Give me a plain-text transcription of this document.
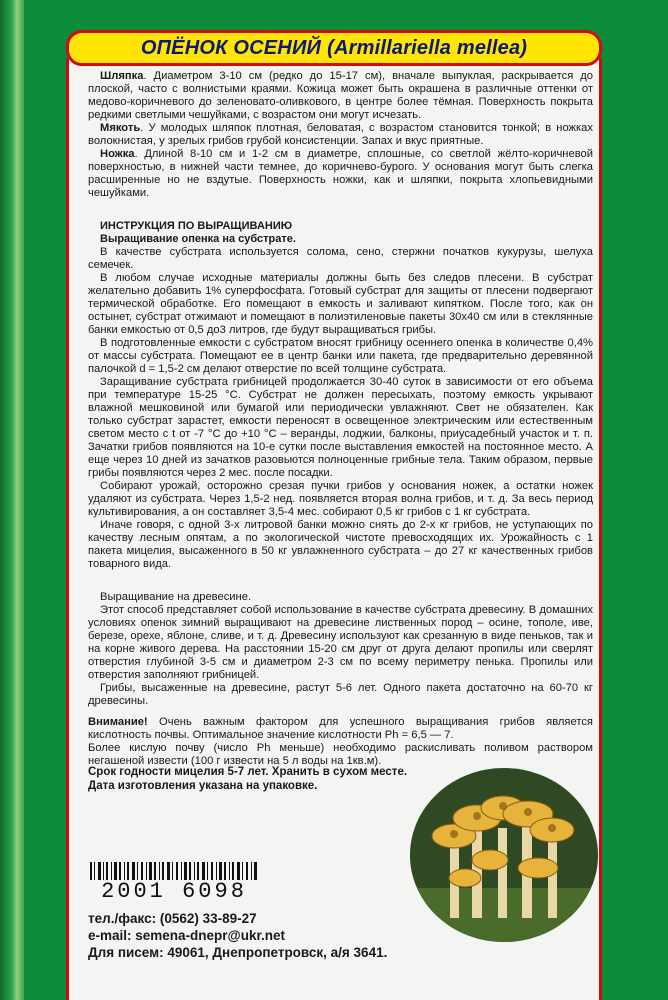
ОПЁНОК ОСЕНИЙ (Armillariella mellea)

Шляпка. Диаметром 3-10 см (редко до 15-17 см), вначале выпуклая, раскрывается до плоской, часто с волнистыми краями. Кожица может быть окрашена в различные оттенки от медово-коричневого до зеленовато-оливкового, в центре более тёмная. Поверхность покрыта редкими светлыми чешуйками, с возрастом они могут исчезать.

Мякоть. У молодых шляпок плотная, беловатая, с возрастом становится тонкой; в ножках волокнистая, у зрелых грибов грубой консистенции. Запах и вкус приятные.

Ножка. Длиной 8-10 см и 1-2 см в диаметре, сплошные, со светлой жёлто-коричневой поверхностью, в нижней части темнее, до коричнево-бурого. У основания могут быть слегка расширенные но не вздутые. Поверхность ножки, как и шляпки, покрыта хлопьевидными чешуйками.

ИНСТРУКЦИЯ ПО ВЫРАЩИВАНИЮ
Выращивание опенка на субстрате.

В качестве субстрата используется солома, сено, стержни початков кукурузы, шелуха семечек.

В любом случае исходные материалы должны быть без следов плесени. В субстрат желательно добавить 1% суперфосфата. Готовый субстрат для защиты от плесени подвергают термической обработке. Его помещают в емкость и заливают кипятком. После того, как он остынет, субстрат отжимают и помещают в полиэтиленовые пакеты 30х40 см или в стеклянные банки емкостью от 0,5 до3 литров, где будут выращиваться грибы.

В подготовленные емкости с субстратом вносят грибницу осеннего опенка в количестве 0,4% от массы субстрата. Помещают ее в центр банки или пакета, где предварительно деревянной палочкой d = 1,5-2 см делают отверстие по всей толщине субстрата.

Заращивание субстрата грибницей продолжается 30-40 суток в зависимости от его объема при температуре 15-25 °С. Субстрат не должен пересыхать, поэтому емкость укрывают влажной мешковиной или бумагой или периодически увлажняют. Свет не обязателен. Как только субстрат зарастет, емкости переносят в освещенное электрическим или естественным светом место с t от -7 °С до +10 °С – веранды, лоджии, балконы, приусадебный участок и т. п. Зачатки грибов появляются на 10-е сутки после выставления емкостей на постоянное место. А еще через 10 дней из зачатков разовьются полноценные грибные тела. Таким образом, первые грибы появляются через 2 мес. после посадки.

Собирают урожай, осторожно срезая пучки грибов у основания ножек, а остатки ножек удаляют из субстрата. Через 1,5-2 нед. появляется вторая волна грибов, и т. д. За весь период культивирования, а он составляет 3,5-4 мес. собирают 0,5 кг грибов с 1 кг субстрата.

Иначе говоря, с одной 3-х литровой банки можно снять до 2-х кг грибов, не уступающих по качеству лесным опятам, а по экологической чистоте превосходящих их. Урожайность с 1 пакета мицелия, высаженного в 50 кг увлажненного субстрата – до 27 кг качественных грибов товарного вида.

Выращивание на древесине.

Этот способ представляет собой использование в качестве субстрата древесину. В домашних условиях опенок зимний выращивают на древесине лиственных пород – осине, тополе, иве, березе, орехе, яблоне, сливе, и т. д. Древесину используют как срезанную в виде пеньков, так и на корне живого дерева. На расстоянии 15-20 см друг от друга делают пропилы или сверлят отверстия глубиной 3-5 см и диаметром 2-3 см по всему периметру пенька. Пропилы или отверстия заполняют грибницей.

Грибы, высаженные на древесине, растут 5-6 лет. Одного пакета достаточно на 60-70 кг древесины.

Внимание! Очень важным фактором для успешного выращивания грибов является кислотность почвы. Оптимальное значение кислотности Ph = 6,5 — 7.

Более кислую почву (число Ph меньше) необходимо раскисливать поливом раствором негашеной извести (100 г извести на 5 л воды на 1кв.м).

Срок годности мицелия 5-7 лет. Хранить в сухом месте.
Дата изготовления указана на упаковке.
2001 6098
тел./факс: (0562) 33-89-27
e-mail: semena-dnepr@ukr.net
Для писем: 49061, Днепропетровск, а/я 3641.
